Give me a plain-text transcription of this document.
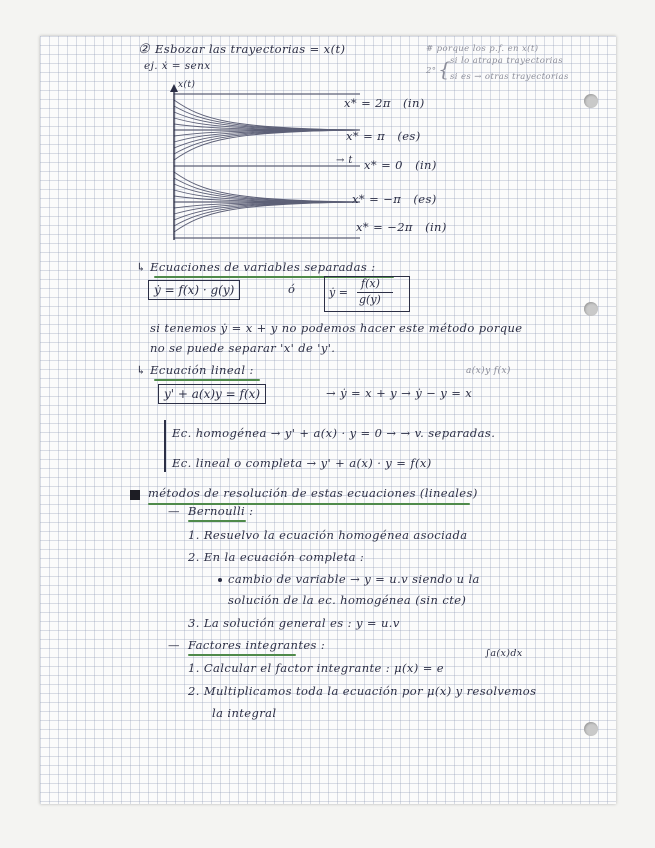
② Esbozar las trayectorias = x(t)	# porque los p.f. en x(t)
2° {
si lo atrapa trayectorias
si es → otras trayectorias
ej. ẋ = senx
x(t)
→ t
x* = 2π (in)
x* = π (es)
x* = 0 (in)
x* = −π (es)
x* = −2π (in)
↳ Ecuaciones de variables separadas :
ẏ = f(x) · g(y)	ó	ẏ =
f(x)
g(y)
si tenemos ẏ = x + y no podemos hacer este método porque
no se puede separar 'x' de 'y'.
↳ Ecuación lineal :	a(x)y f(x)
y' + a(x)y = f(x)	→ ẏ = x + y → ẏ − y = x
Ec. homogénea → y' + a(x) · y = 0 → → v. separadas.
Ec. lineal o completa → y' + a(x) · y = f(x)
métodos de resolución de estas ecuaciones (lineales)
— Bernoulli :
1. Resuelvo la ecuación homogénea asociada
2. En la ecuación completa :
cambio de variable → y = u.v siendo u la
solución de la ec. homogénea (sin cte)
3. La solución general es : y = u.v
— Factores integrantes :
1. Calcular el factor integrante : μ(x) = e
∫a(x)dx
2. Multiplicamos toda la ecuación por μ(x) y resolvemos
la integral
